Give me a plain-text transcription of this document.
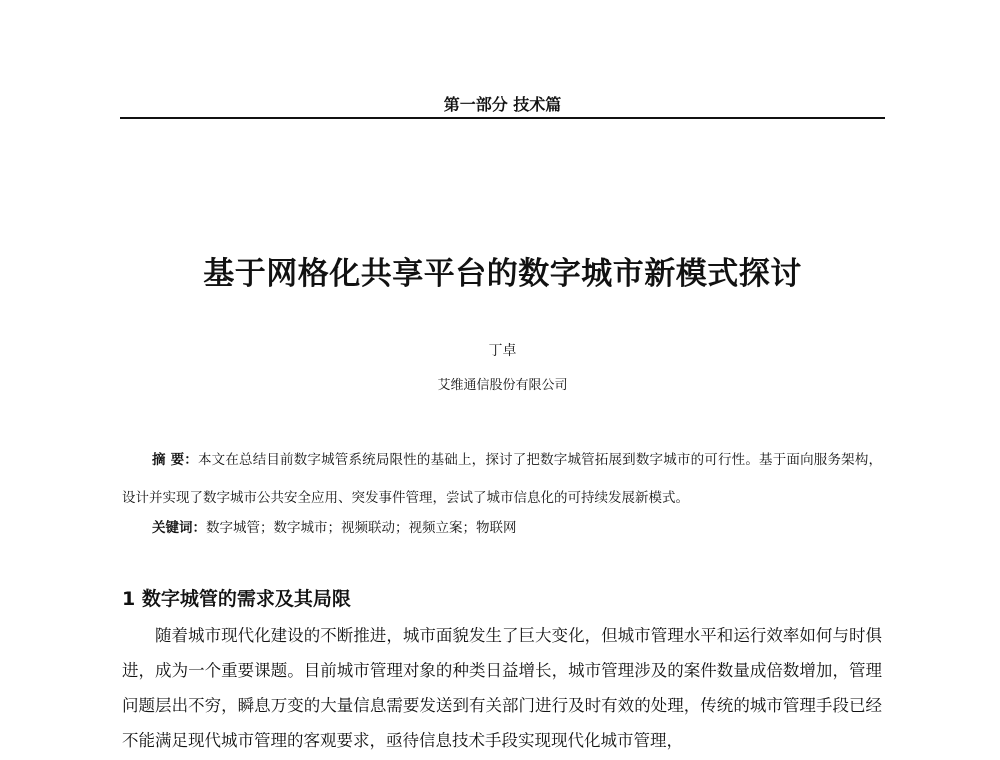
第一部分 技术篇
基于网格化共享平台的数字城市新模式探讨
丁卓
艾维通信股份有限公司
摘 要：本文在总结目前数字城管系统局限性的基础上，探讨了把数字城管拓展到数字城市的可行性。基于面向服务架构，设计并实现了数字城市公共安全应用、突发事件管理，尝试了城市信息化的可持续发展新模式。
关键词：数字城管；数字城市；视频联动；视频立案；物联网
1 数字城管的需求及其局限
随着城市现代化建设的不断推进，城市面貌发生了巨大变化，但城市管理水平和运行效率如何与时俱进，成为一个重要课题。目前城市管理对象的种类日益增长，城市管理涉及的案件数量成倍数增加，管理问题层出不穷，瞬息万变的大量信息需要发送到有关部门进行及时有效的处理，传统的城市管理手段已经不能满足现代城市管理的客观要求，亟待信息技术手段实现现代化城市管理，
